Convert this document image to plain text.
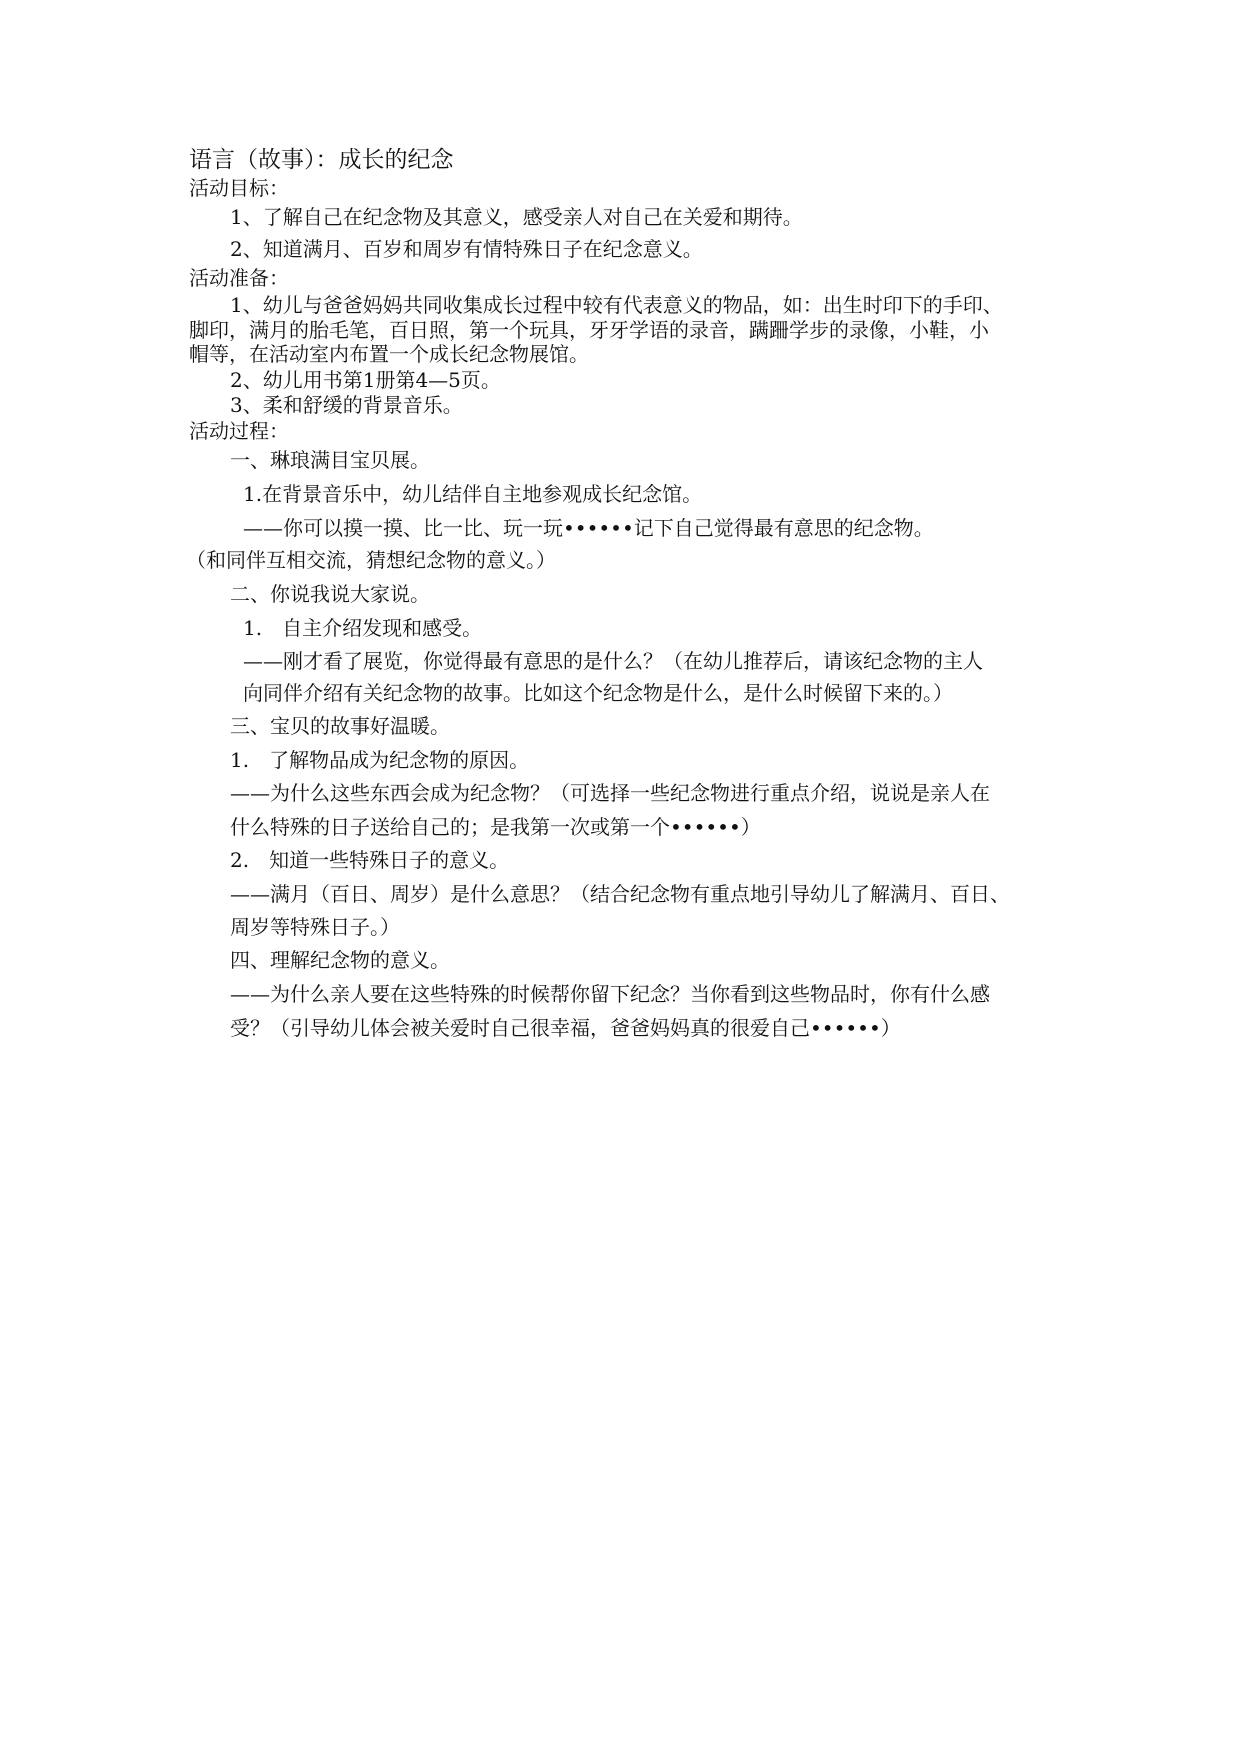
语言（故事）：成长的纪念
活动目标：
1、了解自己在纪念物及其意义，感受亲人对自己在关爱和期待。
2、知道满月、百岁和周岁有情特殊日子在纪念意义。
活动准备：
1、幼儿与爸爸妈妈共同收集成长过程中较有代表意义的物品，如：出生时印下的手印、
脚印，满月的胎毛笔，百日照，第一个玩具，牙牙学语的录音，蹒跚学步的录像，小鞋，小
帽等，在活动室内布置一个成长纪念物展馆。
2、幼儿用书第1册第4—5页。
3、柔和舒缓的背景音乐。
活动过程：
一、琳琅满目宝贝展。
1.在背景音乐中，幼儿结伴自主地参观成长纪念馆。
——你可以摸一摸、比一比、玩一玩••••••记下自己觉得最有意思的纪念物。
（和同伴互相交流，猜想纪念物的意义。）
二、你说我说大家说。
1.　自主介绍发现和感受。
——刚才看了展览，你觉得最有意思的是什么？（在幼儿推荐后，请该纪念物的主人
向同伴介绍有关纪念物的故事。比如这个纪念物是什么，是什么时候留下来的。）
三、宝贝的故事好温暖。
1.　了解物品成为纪念物的原因。
——为什么这些东西会成为纪念物？（可选择一些纪念物进行重点介绍，说说是亲人在
什么特殊的日子送给自己的；是我第一次或第一个••••••）
2.　知道一些特殊日子的意义。
——满月（百日、周岁）是什么意思？（结合纪念物有重点地引导幼儿了解满月、百日、
周岁等特殊日子。）
四、理解纪念物的意义。
——为什么亲人要在这些特殊的时候帮你留下纪念？当你看到这些物品时，你有什么感
受？（引导幼儿体会被关爱时自己很幸福，爸爸妈妈真的很爱自己••••••）
